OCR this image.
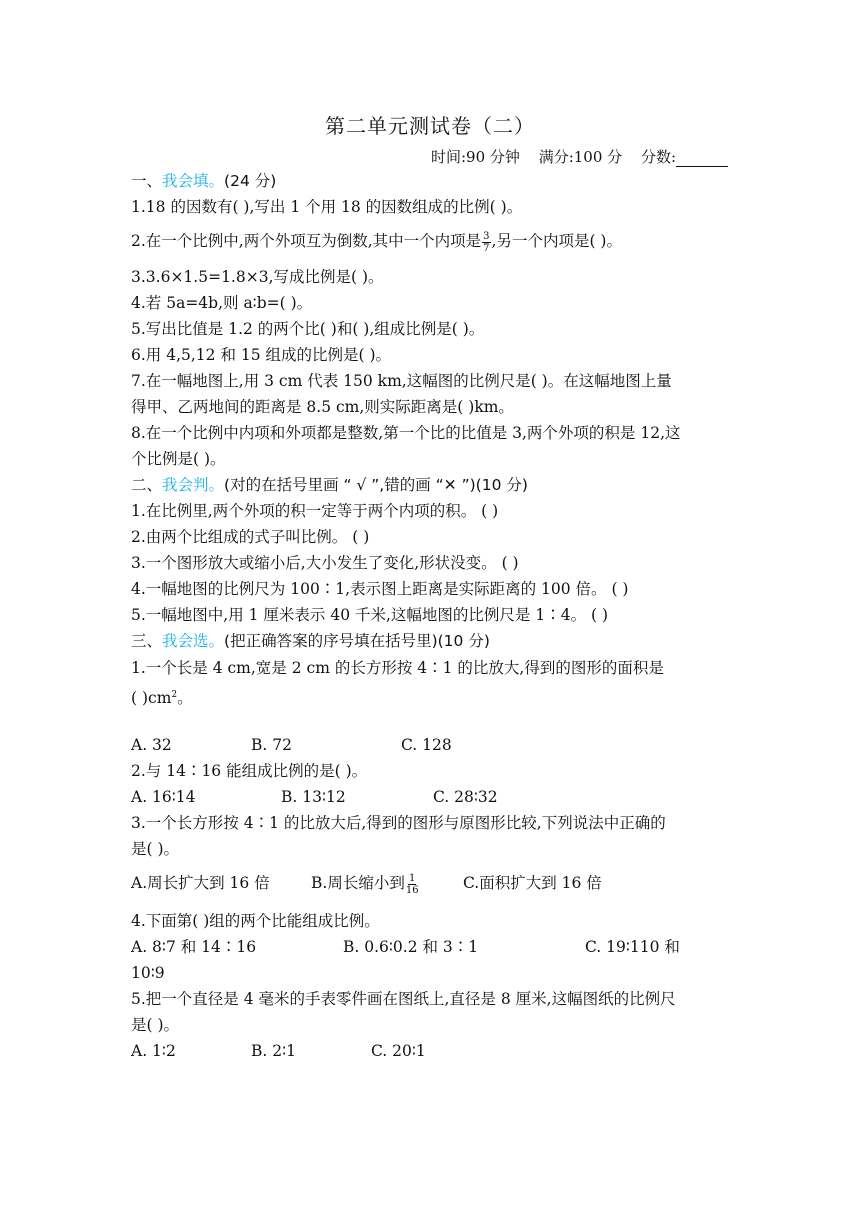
第二单元测试卷（二）
时间:90 分钟 满分:100 分 分数:
一、我会填。(24 分)
1.18 的因数有( ),写出 1 个用 18 的因数组成的比例( )。
2.在一个比例中,两个外项互为倒数,其中一个内项是 $\frac{3}{7}$ ,另一个内项是( )。
3.3.6×1.5=1.8×3,写成比例是( )。
4.若 5a=4b,则 a∶b=( )。
5.写出比值是 1.2 的两个比( )和( ),组成比例是( )。
6.用 4,5,12 和 15 组成的比例是( )。
7.在一幅地图上,用 3 cm 代表 150 km,这幅图的比例尺是( )。在这幅地图上量
得甲、乙两地间的距离是 8.5 cm,则实际距离是( )km。
8.在一个比例中内项和外项都是整数,第一个比的比值是 3,两个外项的积是 12,这
个比例是( )。
二、我会判。(对的在括号里画 “ √ ”,错的画 “✕ ”)(10 分)
1.在比例里,两个外项的积一定等于两个内项的积。 ( )
2.由两个比组成的式子叫比例。 ( )
3.一个图形放大或缩小后,大小发生了变化,形状没变。 ( )
4.一幅地图的比例尺为 100∶1,表示图上距离是实际距离的 100 倍。 ( )
5.一幅地图中,用 1 厘米表示 40 千米,这幅地图的比例尺是 1∶4。 ( )
三、我会选。(把正确答案的序号填在括号里)(10 分)
1.一个长是 4 cm,宽是 2 cm 的长方形按 4∶1 的比放大,得到的图形的面积是
( )$cm^2$。
A. 32	B. 72	C. 128
2.与 14∶16 能组成比例的是( )。
A. 16∶14	B. 13∶12	C. 28∶32
3.一个长方形按 4∶1 的比放大后,得到的图形与原图形比较,下列说法中正确的
是( )。
A.周长扩大到 16 倍	B.周长缩小到 $\frac{1}{16}$	C.面积扩大到 16 倍
4.下面第( )组的两个比能组成比例。
A. 8∶7 和 14∶16	B. 0.6∶0.2 和 3∶1	C. 19∶110 和
10∶9
5.把一个直径是 4 毫米的手表零件画在图纸上,直径是 8 厘米,这幅图纸的比例尺
是( )。
A. 1∶2	B. 2∶1	C. 20∶1
